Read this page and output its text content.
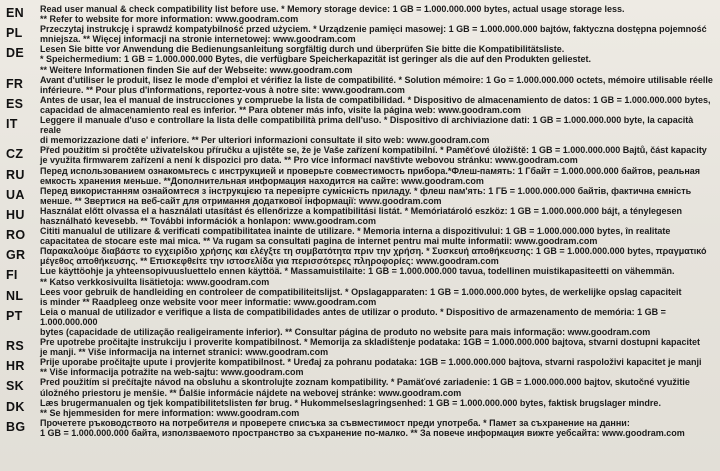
EN	Read user manual & check compatibility list before use. * Memory storage device: 1 GB = 1.000.000.000 bytes, actual usage storage less.
** Refer to website for more information: www.goodram.com
PL	Przeczytaj instrukcję i sprawdź kompatybilność przed użyciem. * Urządzenie pamięci masowej: 1 GB = 1.000.000.000 bajtów, faktyczna dostępna pojemność
mniejsza. ** Więcej informacji na stronie internetowej: www.goodram.com
DE	Lesen Sie bitte vor Anwendung die Bedienungsanleitung sorgfältig durch und überprüfen Sie bitte die Kompatibilitätsliste.
* Speichermedium: 1 GB = 1.000.000.000 Bytes, die verfügbare Speicherkapazität ist geringer als die auf den Produkten geliestet.
** Weitere Informationen finden Sie auf der Webseite: www.goodram.com
FR	Avant d'utiliser le produit, lisez le mode d'emploi et vérifiez la liste de compatibilité. * Solution mémoire: 1 Go = 1.000.000.000 octets, mémoire utilisable réelle
inférieure. ** Pour plus d'informations, reportez-vous à notre site: www.goodram.com
ES	Antes de usar, lea el manual de instrucciones y compruebe la lista de compatibilidad. * Dispositivo de almacenamiento de datos: 1 GB = 1.000.000.000 bytes,
capacidad de almacenamiento real es inferior. ** Para obtener más info, visite la página web: www.goodram.com
IT	Leggere il manuale d'uso e controllare la lista delle compatibilità prima dell'uso. * Dispositivo di archiviazione dati: 1 GB = 1.000.000.000 byte, la capacità reale
di memorizzazione dati e' inferiore. ** Per ulteriori informazioni consultate il sito web: www.goodram.com
CZ	Před použitím si pročtěte uživatelskou příručku a ujistěte se, že je Vaše zařízení kompatibilní. * Paměťové úložiště: 1 GB = 1.000.000.000 Bajtů, část kapacity
je využita firmwarem zařízení a není k dispozici pro data. ** Pro více informací navštivte webovou stránku: www.goodram.com
RU	Перед использованием ознакомьтесь с инструкцией и проверьте совместимость прибора.*Флеш-память: 1 Гбайт = 1.000.000.000 байтов, реальная
емкость хранения меньше. **Дополнительная информация находится на сайте: www.goodram.com
UA	Перед використанням ознайомтеся з інструкцією та перевірте сумісність приладу. * флеш пам'ять: 1 ГБ = 1.000.000.000 байтів, фактична ємність
менше. ** Звертися на веб-сайт для отримання додаткової інформації: www.goodram.com
HU	Használat előtt olvassa el a használati utasítást és ellenőrizze a kompatibilitási listát. * Memóriatároló eszköz: 1 GB = 1.000.000.000 bájt, a ténylegesen
használható kevesebb. ** További információk a honlapon: www.goodram.com
RO	Cititi manualul de utilizare & verificati compatibilitatea inainte de utilizare. * Memoria interna a dispozitivului: 1 GB = 1.000.000.000 bytes, în realitate
capacitatea de stocare este mai mica. ** Va rugam sa consultati pagina de internet pentru mai multe informatii: www.goodram.com
GR	Παρακαλούμε διαβάστε το εγχειρίδιο χρήσης και ελέγξτε τη συμβατότητα πριν την χρήση. * Συσκευή αποθήκευσης: 1 GB = 1.000.000.000 bytes, πραγματικό
μέγεθος αποθήκευσης. ** Επισκεφθείτε την ιστοσελίδα για περισσότερες πληροφορίες: www.goodram.com
FI	Lue käyttöohje ja yhteensopivuusluettelo ennen käyttöä. * Massamuistilaite: 1 GB = 1.000.000.000 tavua, todellinen muistikapasiteetti on vähemmän.
** Katso verkkosivuilta lisätietoja: www.goodram.com
NL	Lees voor gebruik de handleiding en controleer de compatibiliteitslijst. * Opslagapparaten: 1 GB = 1.000.000.000 bytes, de werkelijke opslag capaciteit
is minder ** Raadpleeg onze website voor meer informatie: www.goodram.com
PT	Leia o manual de utilizador e verifique a lista de compatibilidades antes de utilizar o produto. * Dispositivo de armazenamento de memória: 1 GB = 1.000.000.000
bytes (capacidade de utilização realigeiramente inferior). ** Consultar página de produto no website para mais informação: www.goodram.com
RS	Pre upotrebe pročitajte instrukciju i proverite kompatibilnost. * Memorija za skladištenje podataka: 1GB = 1.000.000.000 bajtova, stvarni dostupni kapacitet
je manji. ** Više informacija na internet stranici: www.goodram.com
HR	Prije uporabe pročitajte upute i provjerite kompatibilnost. * Uređaj za pohranu podataka: 1GB = 1.000.000.000 bajtova, stvarni raspoloživi kapacitet je manji
** Više informacija potražite na web-sajtu: www.goodram.com
SK	Pred použitím si prečítajte návod na obsluhu a skontrolujte zoznam kompatibility. * Pamäťové zariadenie: 1 GB = 1.000.000.000 bajtov, skutočné využitie
úložného priestoru je menšie. ** Ďalšie informácie nájdete na webovej stránke: www.goodram.com
DK	Læs brugermanualen og tjek kompatibilitetslisten før brug. * Hukommelseslagringsenhed: 1 GB = 1.000.000.000 bytes, faktisk brugslager mindre.
** Se hjemmesiden for mere information: www.goodram.com
BG	Прочетете ръководството на потребителя и проверете списъка за съвместимост преди употреба. * Памет за съхранение на данни:
1 GB = 1.000.000.000 байта, използваемото пространство за съхранение по-малко. ** За повече информация вижте уебсайта: www.goodram.com
